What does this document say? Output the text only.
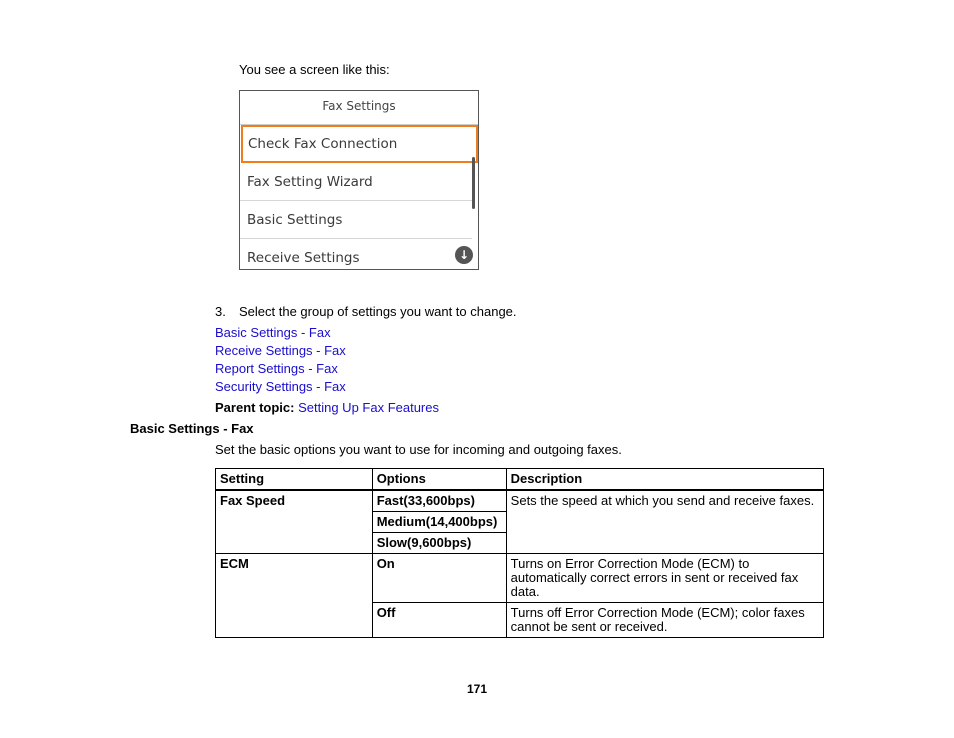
You see a screen like this:
Fax Settings
Check Fax Connection
Fax Setting Wizard
Basic Settings
Receive Settings	↓
3. Select the group of settings you want to change.
Basic Settings - Fax
Receive Settings - Fax
Report Settings - Fax
Security Settings - Fax
Parent topic: Setting Up Fax Features
Basic Settings - Fax
Set the basic options you want to use for incoming and outgoing faxes.
Setting	Options	Description
Fax Speed	Fast(33,600bps)	Sets the speed at which you send and receive faxes.
	Medium(14,400bps)	
	Slow(9,600bps)	
ECM	On	Turns on Error Correction Mode (ECM) to automatically correct errors in sent or received fax data.
	Off	Turns off Error Correction Mode (ECM); color faxes cannot be sent or received.
171
